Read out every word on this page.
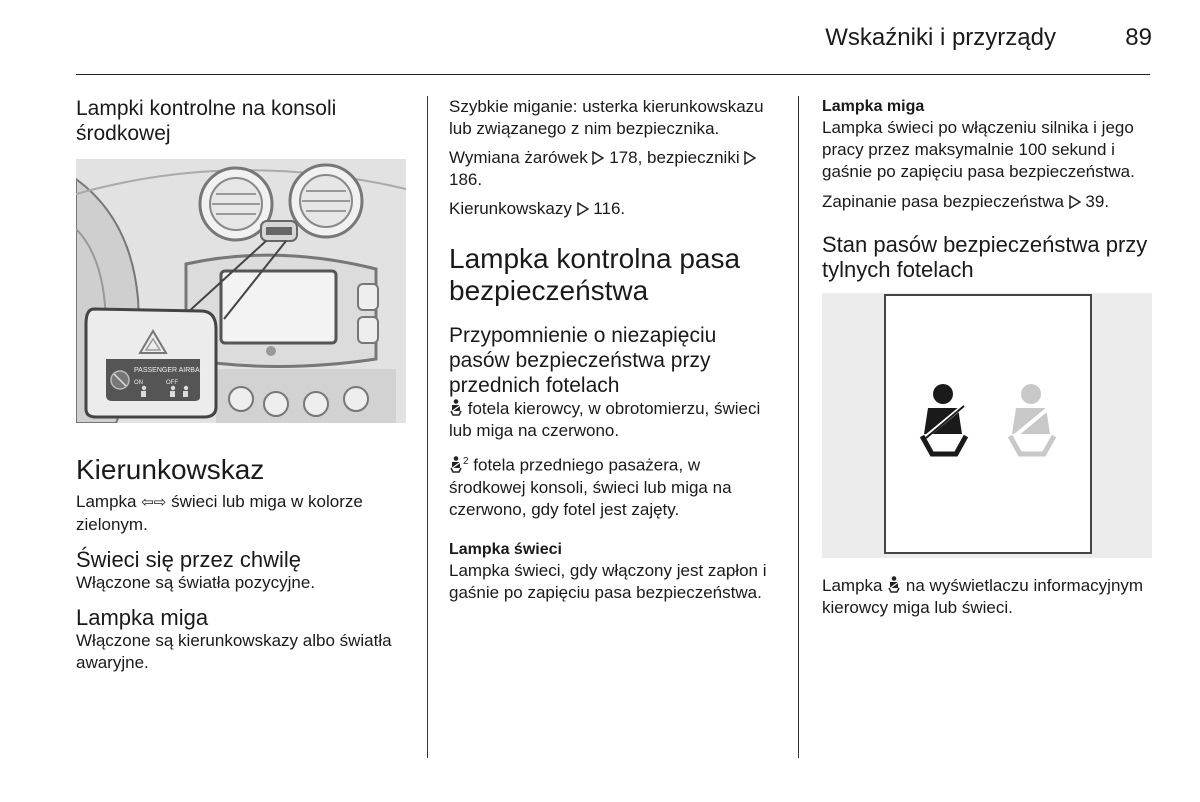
Wskaźniki i przyrządy	89
Lampki kontrolne na konsoli środkowej
PASSENGER AIRBAG
ON	OFF
Kierunkowskaz

Lampka ⇦⇨ świeci lub miga w kolorze zielonym.

Świeci się przez chwilę

Włączone są światła pozycyjne.

Lampka miga

Włączone są kierunkowskazy albo światła awaryjne.

Szybkie miganie: usterka kierunkowskazu lub związanego z nim bezpiecznika.

Wymiana żarówek  178, bezpieczniki  186.

Kierunkowskazy  116.

Lampka kontrolna pasa bezpieczeństwa
Przypomnienie o niezapięciu pasów bezpieczeństwa przy przednich fotelach

fotela kierowcy, w obrotomierzu, świeci lub miga na czerwono.

$^2$ fotela przedniego pasażera, w środkowej konsoli, świeci lub miga na czerwono, gdy fotel jest zajęty.

Lampka świeci

Lampka świeci, gdy włączony jest zapłon i gaśnie po zapięciu pasa bezpieczeństwa.

Lampka miga

Lampka świeci po włączeniu silnika i jego pracy przez maksymalnie 100 sekund i gaśnie po zapięciu pasa bezpieczeństwa.

Zapinanie pasa bezpieczeństwa  39.

Stan pasów bezpieczeństwa przy tylnych fotelach

Lampka  na wyświetlaczu informacyjnym kierowcy miga lub świeci.
